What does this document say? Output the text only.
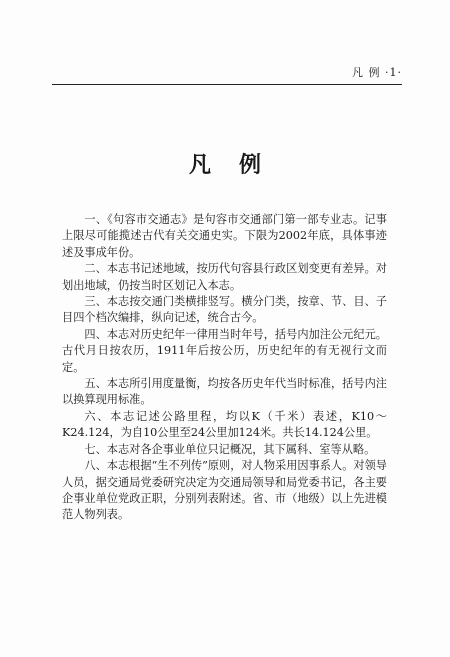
凡 例 ·1·
凡例

一、《句容市交通志》是句容市交通部门第一部专业志。记事上限尽可能揽述古代有关交通史实。下限为2002年底，具体事迹述及事成年份。

二、本志书记述地域，按历代句容县行政区划变更有差异。对划出地域，仍按当时区划记入本志。

三、本志按交通门类横排竖写。横分门类，按章、节、目、子目四个档次编排，纵向记述，统合古今。

四、本志对历史纪年一律用当时年号，括号内加注公元纪元。古代月日按农历，1911年后按公历，历史纪年的有无视行文而定。

五、本志所引用度量衡，均按各历史年代当时标准，括号内注以换算现用标准。

六、本志记述公路里程，均以K（千米）表述，K10～K24.124，为自10公里至24公里加124米。共长14.124公里。

七、本志对各企事业单位只记概况，其下属科、室等从略。

八、本志根据“生不列传”原则，对人物采用因事系人。对领导人员，据交通局党委研究决定为交通局领导和局党委书记，各主要企事业单位党政正职，分别列表附述。省、市（地级）以上先进模范人物列表。
